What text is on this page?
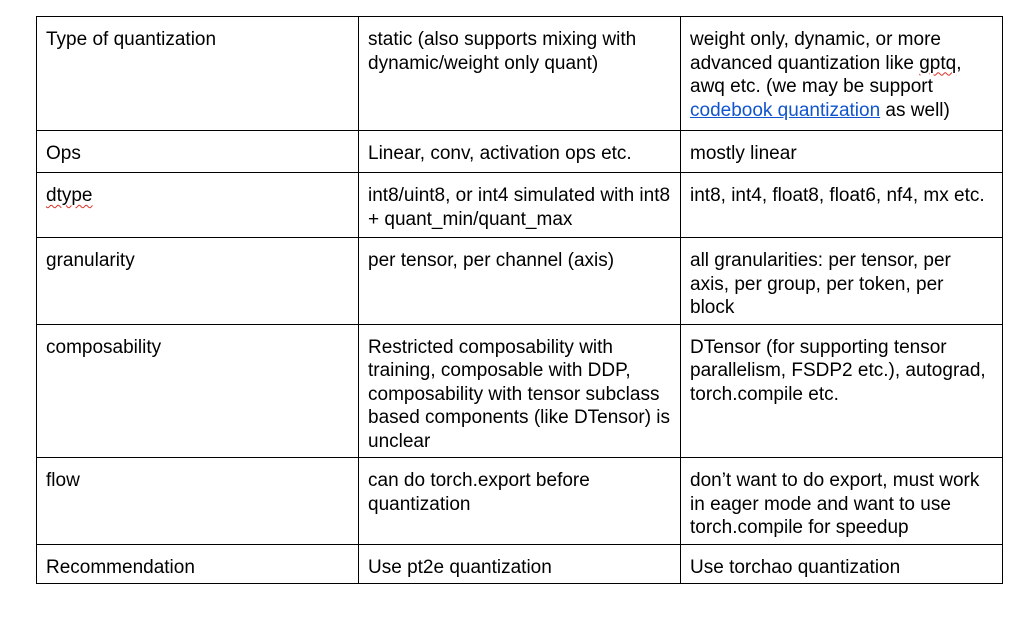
Type of quantization	static (also supports mixing with dynamic/weight only quant)	weight only, dynamic, or more advanced quantization like gptq, awq etc. (we may be support codebook quantization as well)
Ops	Linear, conv, activation ops etc.	mostly linear
dtype	int8/uint8, or int4 simulated with int8 + quant_min/quant_max	int8, int4, float8, float6, nf4, mx etc.
granularity	per tensor, per channel (axis)	all granularities: per tensor, per axis, per group, per token, per block
composability	Restricted composability with training, composable with DDP, composability with tensor subclass based components (like DTensor) is unclear	DTensor (for supporting tensor parallelism, FSDP2 etc.), autograd, torch.compile etc.
flow	can do torch.export before quantization	don’t want to do export, must work in eager mode and want to use torch.compile for speedup
Recommendation	Use pt2e quantization	Use torchao quantization
